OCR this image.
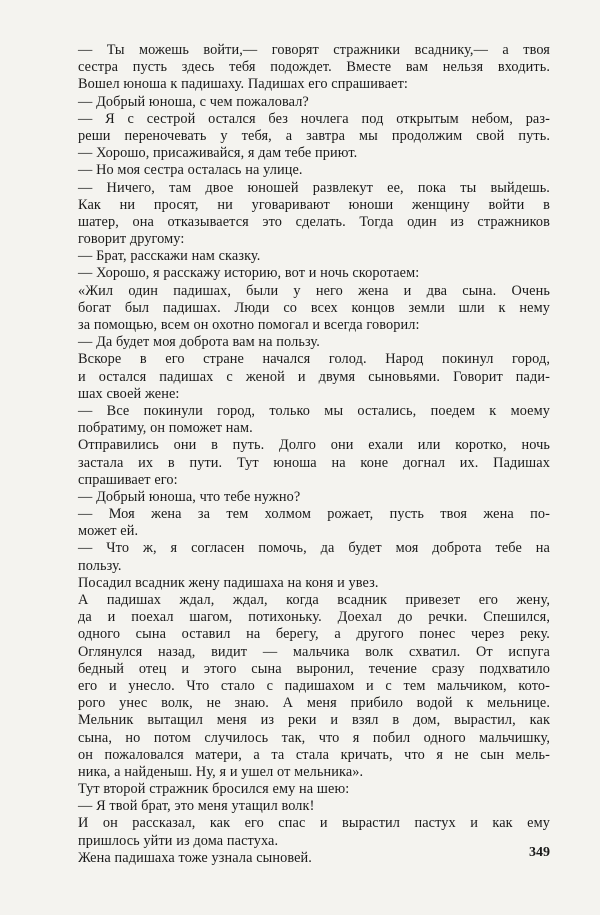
— Ты можешь войти,— говорят стражники всаднику,— а твоя
сестра пусть здесь тебя подождет. Вместе вам нельзя входить.
Вошел юноша к падишаху. Падишах его спрашивает:
— Добрый юноша, с чем пожаловал?
— Я с сестрой остался без ночлега под открытым небом, раз-
реши переночевать у тебя, а завтра мы продолжим свой путь.
— Хорошо, присаживайся, я дам тебе приют.
— Но моя сестра осталась на улице.
— Ничего, там двое юношей развлекут ее, пока ты выйдешь.
Как ни просят, ни уговаривают юноши женщину войти в
шатер, она отказывается это сделать. Тогда один из стражников
говорит другому:
— Брат, расскажи нам сказку.
— Хорошо, я расскажу историю, вот и ночь скоротаем:
«Жил один падишах, были у него жена и два сына. Очень
богат был падишах. Люди со всех концов земли шли к нему
за помощью, всем он охотно помогал и всегда говорил:
— Да будет моя доброта вам на пользу.
Вскоре в его стране начался голод. Народ покинул город,
и остался падишах с женой и двумя сыновьями. Говорит пади-
шах своей жене:
— Все покинули город, только мы остались, поедем к моему
побратиму, он поможет нам.
Отправились они в путь. Долго они ехали или коротко, ночь
застала их в пути. Тут юноша на коне догнал их. Падишах
спрашивает его:
— Добрый юноша, что тебе нужно?
— Моя жена за тем холмом рожает, пусть твоя жена по-
может ей.
— Что ж, я согласен помочь, да будет моя доброта тебе на
пользу.
Посадил всадник жену падишаха на коня и увез.
А падишах ждал, ждал, когда всадник привезет его жену,
да и поехал шагом, потихоньку. Доехал до речки. Спешился,
одного сына оставил на берегу, а другого понес через реку.
Оглянулся назад, видит — мальчика волк схватил. От испуга
бедный отец и этого сына выронил, течение сразу подхватило
его и унесло. Что стало с падишахом и с тем мальчиком, кото-
рого унес волк, не знаю. А меня прибило водой к мельнице.
Мельник вытащил меня из реки и взял в дом, вырастил, как
сына, но потом случилось так, что я побил одного мальчишку,
он пожаловался матери, а та стала кричать, что я не сын мель-
ника, а найденыш. Ну, я и ушел от мельника».
Тут второй стражник бросился ему на шею:
— Я твой брат, это меня утащил волк!
И он рассказал, как его спас и вырастил пастух и как ему
пришлось уйти из дома пастуха.
Жена падишаха тоже узнала сыновей.	349
